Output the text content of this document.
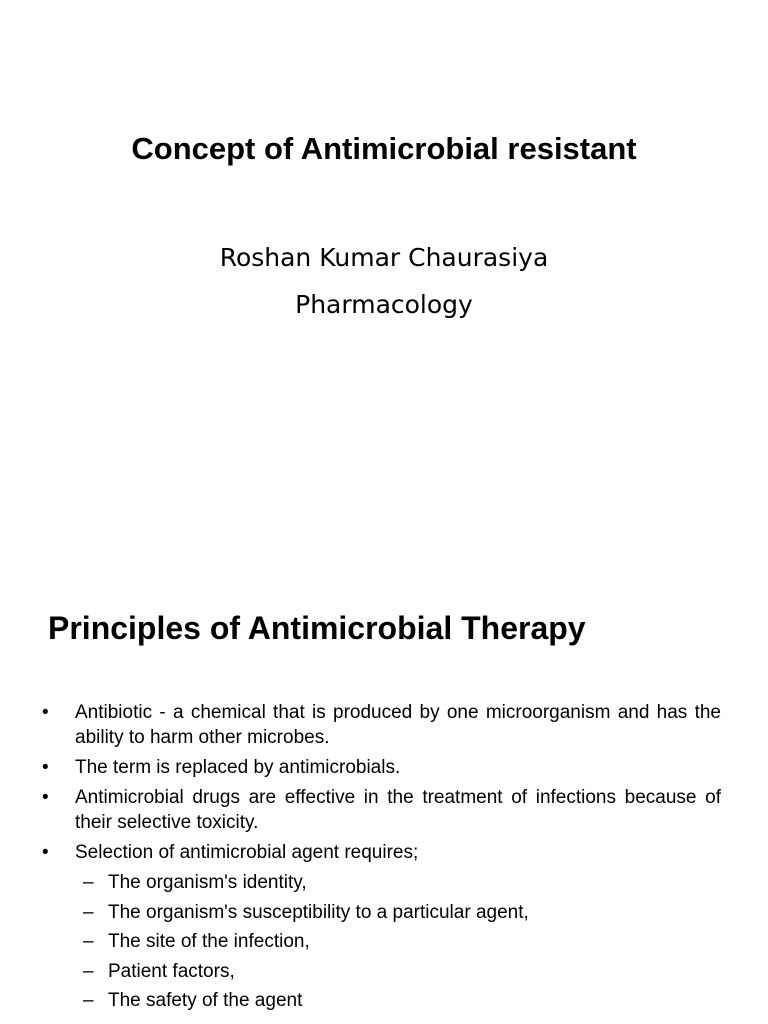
Concept of Antimicrobial resistant
Roshan Kumar Chaurasiya
Pharmacology
Principles of Antimicrobial Therapy
• Antibiotic - a chemical that is produced by one microorganism and has the ability to harm other microbes.
• The term is replaced by antimicrobials.
• Antimicrobial drugs are effective in the treatment of infections because of their selective toxicity.
• Selection of antimicrobial agent requires;
– The organism's identity,
– The organism's susceptibility to a particular agent,
– The site of the infection,
– Patient factors,
– The safety of the agent
